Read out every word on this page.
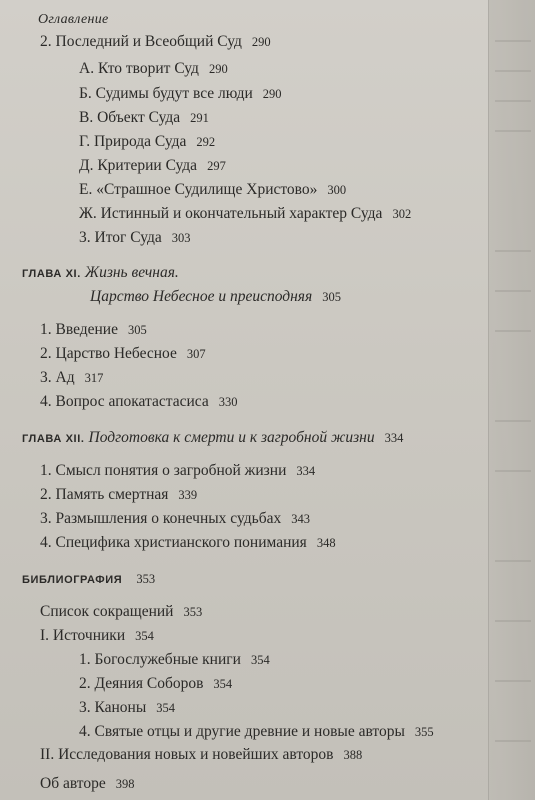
Оглавление
2. Последний и Всеобщий Суд 290
А. Кто творит Суд 290
Б. Судимы будут все люди 290
В. Объект Суда 291
Г. Природа Суда 292
Д. Критерии Суда 297
Е. «Страшное Судилище Христово» 300
Ж. Истинный и окончательный характер Суда 302
3. Итог Суда 303
ГЛАВА XI. Жизнь вечная.
Царство Небесное и преисподняя 305
1. Введение 305
2. Царство Небесное 307
3. Ад 317
4. Вопрос апокатастасиса 330
ГЛАВА XII. Подготовка к смерти и к загробной жизни 334
1. Смысл понятия о загробной жизни 334
2. Память смертная 339
3. Размышления о конечных судьбах 343
4. Специфика христианского понимания 348
БИБЛИОГРАФИЯ 353
Список сокращений 353
I. Источники 354
1. Богослужебные книги 354
2. Деяния Соборов 354
3. Каноны 354
4. Святые отцы и другие древние и новые авторы 355
II. Исследования новых и новейших авторов 388
Об авторе 398
